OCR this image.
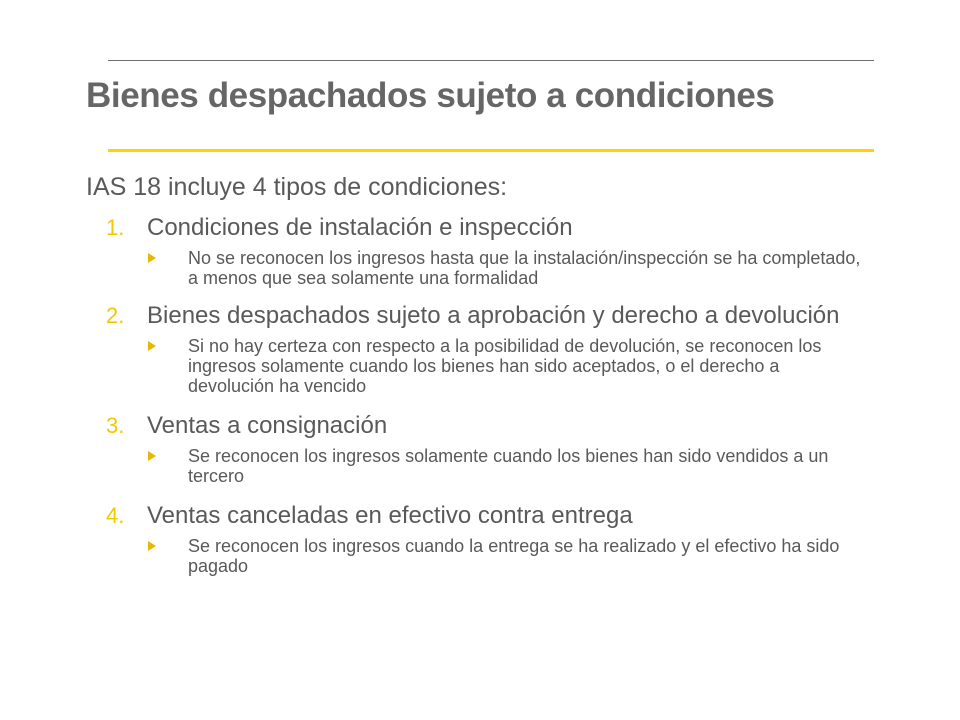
Bienes despachados sujeto a condiciones

IAS 18 incluye 4 tipos de condiciones:

1. Condiciones de instalación e inspección
No se reconocen los ingresos hasta que la instalación/inspección se ha completado,
a menos que sea solamente una formalidad
2. Bienes despachados sujeto a aprobación y derecho a devolución
Si no hay certeza con respecto a la posibilidad de devolución, se reconocen los
ingresos solamente cuando los bienes han sido aceptados, o el derecho a
devolución ha vencido
3. Ventas a consignación
Se reconocen los ingresos solamente cuando los bienes han sido vendidos a un
tercero
4. Ventas canceladas en efectivo contra entrega
Se reconocen los ingresos cuando la entrega se ha realizado y el efectivo ha sido
pagado
